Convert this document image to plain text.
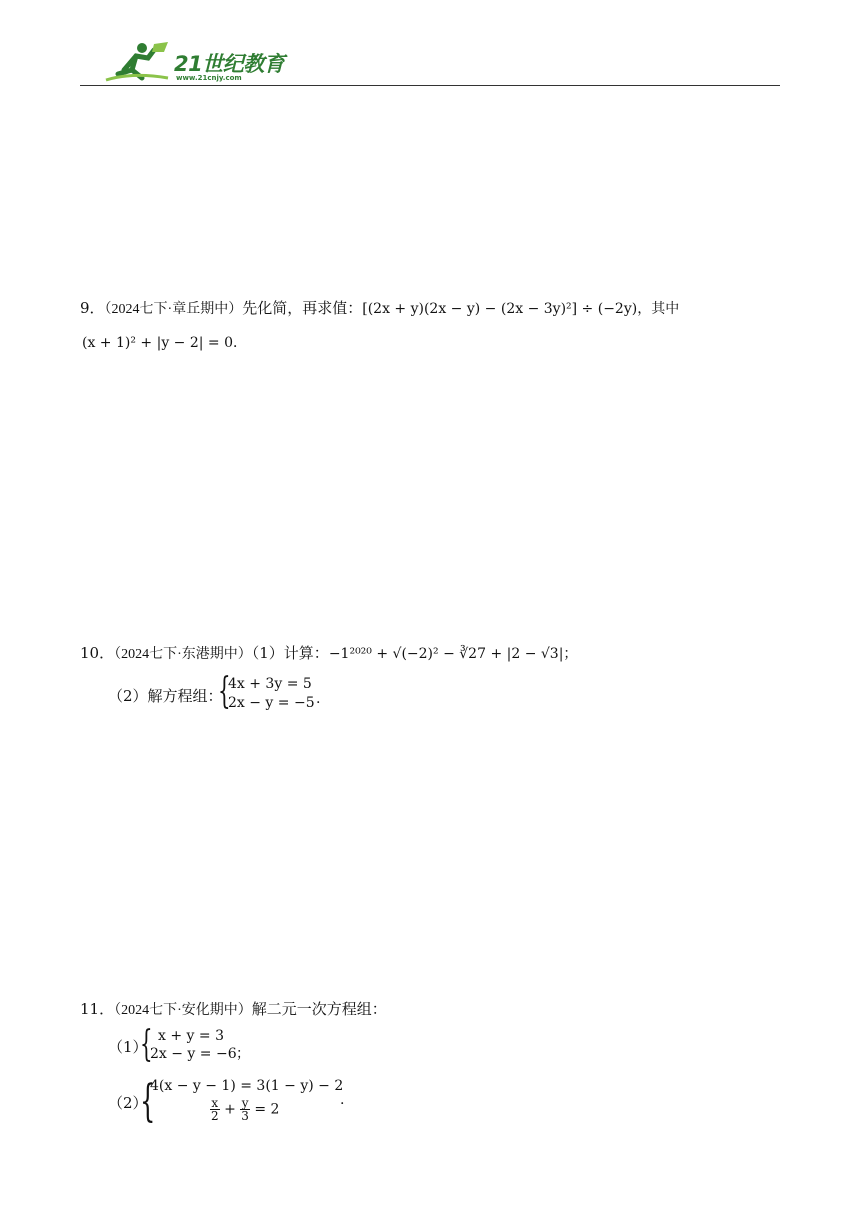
21世纪教育
www.21cnjy.com
9．（2024七下·章丘期中）先化简，再求值：[(2x + y)(2x − y) − (2x − 3y)²] ÷ (−2y)，其中
(x + 1)² + |y − 2| = 0．
10．（2024七下·东港期中）（1）计算：−1²⁰²⁰ + √(−2)² − ∛27 + |2 − √3|；
（2）解方程组：
{
4x + 3y = 5
2x − y = −5 .
11．（2024七下·安化期中）解二元一次方程组：
（1）
{ x + y = 3
2x − y = −6 ；
（2）
{
4(x − y − 1) = 3(1 − y) − 2
$\frac{x}{2} + \frac{y}{3} = 2$
.
